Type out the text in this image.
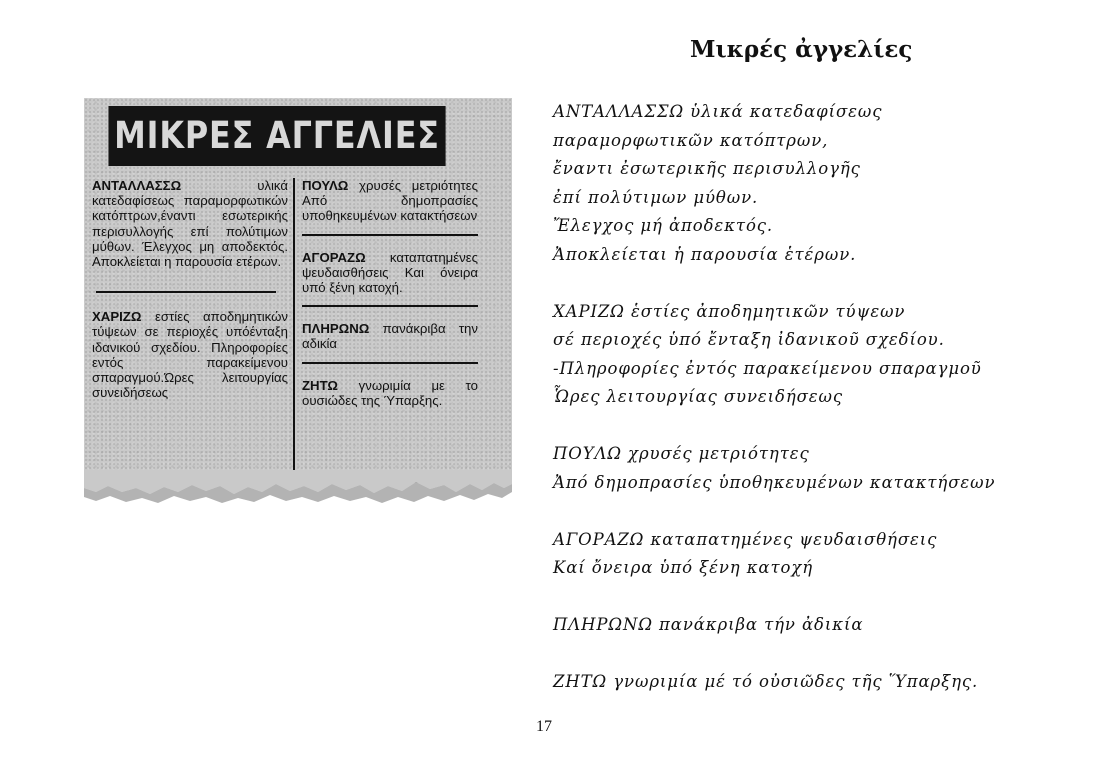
ΜΙΚΡΕΣ ΑΓΓΕΛΙΕΣ

ΑΝΤΑΛΛΑΣΣΩ υλικά κατεδαφίσεως παραμορφωτικών κατόπτρων,έναντι εσωτερικής περισυλλογής επί πολύτιμων μύθων. Έλεγχος μη αποδεκτός. Αποκλείεται η παρουσία ετέρων.

ΧΑΡΙΖΩ εστίες αποδημητικών τύψεων σε περιοχές υπόένταξη ιδανικού σχεδίου. Πληροφορίες εντός παρακείμενου σπαραγμού.Ώρες λειτουργίας συνειδήσεως

ΠΟΥΛΩ χρυσές μετριότητες Από δημοπρασίες υποθηκευμένων κατακτήσεων

ΑΓΟΡΑΖΩ καταπατημένες ψευδαισθήσεις Και όνειρα υπό ξένη κατοχή.

ΠΛΗΡΩΝΩ πανάκριβα την αδικία

ΖΗΤΩ γνωριμία με το ουσιώδες της Ύπαρξης.

Μικρές ἀγγελίες
ΑΝΤΑΛΛΑΣΣΩ ὑλικά κατεδαφίσεως
παραμορφωτικῶν κατόπτρων,
ἔναντι ἐσωτερικῆς περισυλλογῆς
ἐπί πολύτιμων μύθων.
Ἔλεγχος μή ἀποδεκτός.
Ἀποκλείεται ἡ παρουσία ἑτέρων.
ΧΑΡΙΖΩ ἑστίες ἀποδημητικῶν τύψεων
σέ περιοχές ὑπό ἔνταξη ἰδανικοῦ σχεδίου.
-Πληροφορίες ἐντός παρακείμενου σπαραγμοῦ
Ὧρες λειτουργίας συνειδήσεως
ΠΟΥΛΩ χρυσές μετριότητες
Ἀπό δημοπρασίες ὑποθηκευμένων κατακτήσεων
ΑΓΟΡΑΖΩ καταπατημένες ψευδαισθήσεις
Καί ὄνειρα ὑπό ξένη κατοχή
ΠΛΗΡΩΝΩ πανάκριβα τήν ἀδικία
ΖΗΤΩ γνωριμία μέ τό οὐσιῶδες τῆς Ὕπαρξης.
17
